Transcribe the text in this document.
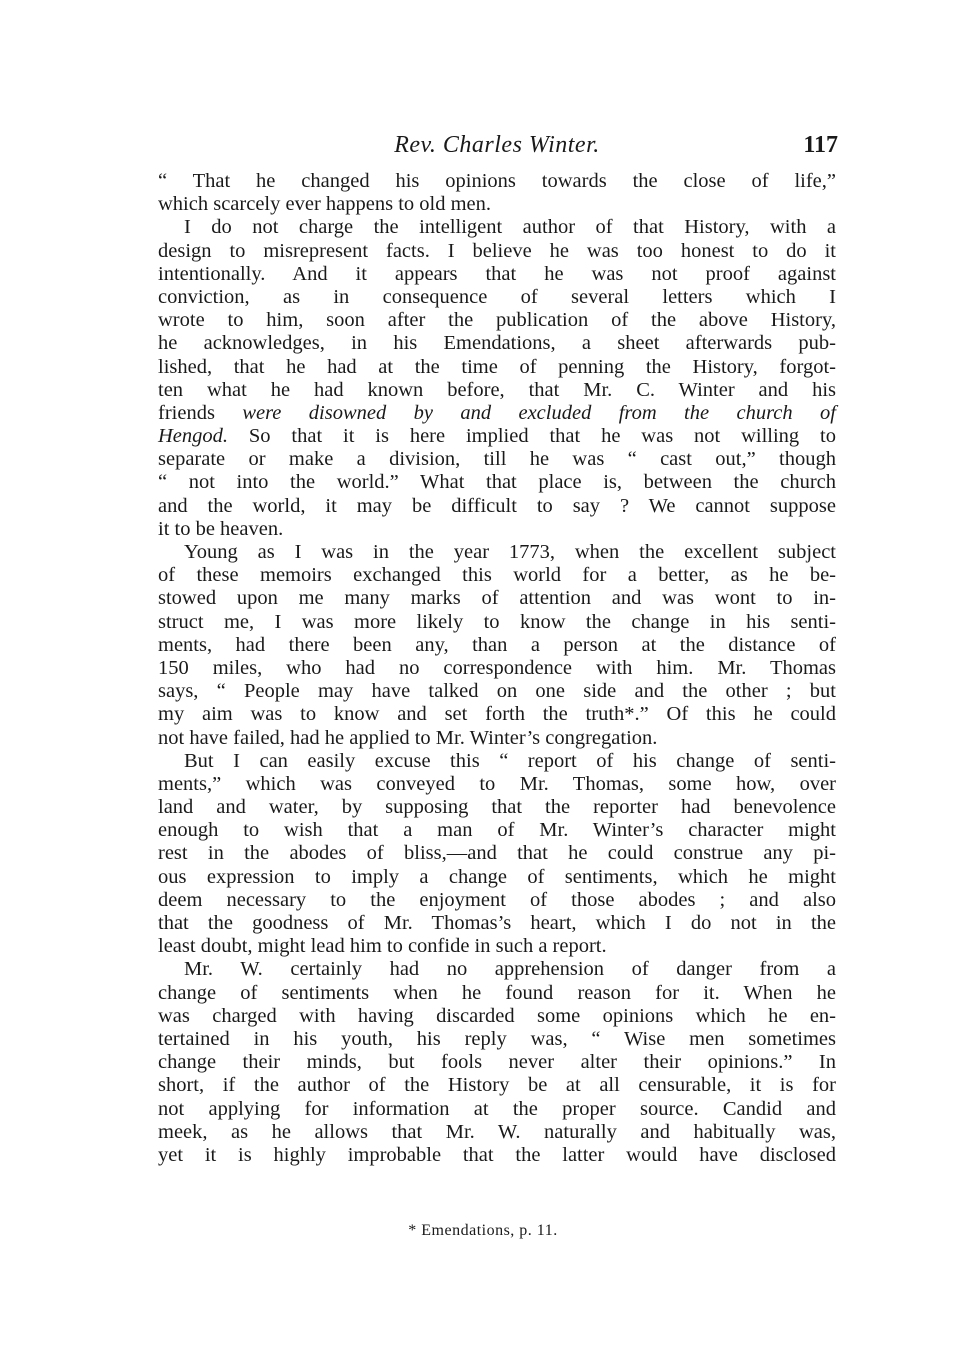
Rev. Charles Winter.	117
“ That he changed his opinions towards the close of life,”
which scarcely ever happens to old men.
I do not charge the intelligent author of that History, with a
design to misrepresent facts. I believe he was too honest to do it
intentionally. And it appears that he was not proof against
conviction, as in consequence of several letters which I
wrote to him, soon after the publication of the above History,
he acknowledges, in his Emendations, a sheet afterwards pub-
lished, that he had at the time of penning the History, forgot-
ten what he had known before, that Mr. C. Winter and his
friends were disowned by and excluded from the church of
Hengod. So that it is here implied that he was not willing to
separate or make a division, till he was “ cast out,” though
“ not into the world.” What that place is, between the church
and the world, it may be difficult to say ? We cannot suppose
it to be heaven.
Young as I was in the year 1773, when the excellent subject
of these memoirs exchanged this world for a better, as he be-
stowed upon me many marks of attention and was wont to in-
struct me, I was more likely to know the change in his senti-
ments, had there been any, than a person at the distance of
150 miles, who had no correspondence with him. Mr. Thomas
says, “ People may have talked on one side and the other ; but
my aim was to know and set forth the truth*.” Of this he could
not have failed, had he applied to Mr. Winter’s congregation.
But I can easily excuse this “ report of his change of senti-
ments,” which was conveyed to Mr. Thomas, some how, over
land and water, by supposing that the reporter had benevolence
enough to wish that a man of Mr. Winter’s character might
rest in the abodes of bliss,—and that he could construe any pi-
ous expression to imply a change of sentiments, which he might
deem necessary to the enjoyment of those abodes ; and also
that the goodness of Mr. Thomas’s heart, which I do not in the
least doubt, might lead him to confide in such a report.
Mr. W. certainly had no apprehension of danger from a
change of sentiments when he found reason for it. When he
was charged with having discarded some opinions which he en-
tertained in his youth, his reply was, “ Wise men sometimes
change their minds, but fools never alter their opinions.” In
short, if the author of the History be at all censurable, it is for
not applying for information at the proper source. Candid and
meek, as he allows that Mr. W. naturally and habitually was,
yet it is highly improbable that the latter would have disclosed
* Emendations, p. 11.
